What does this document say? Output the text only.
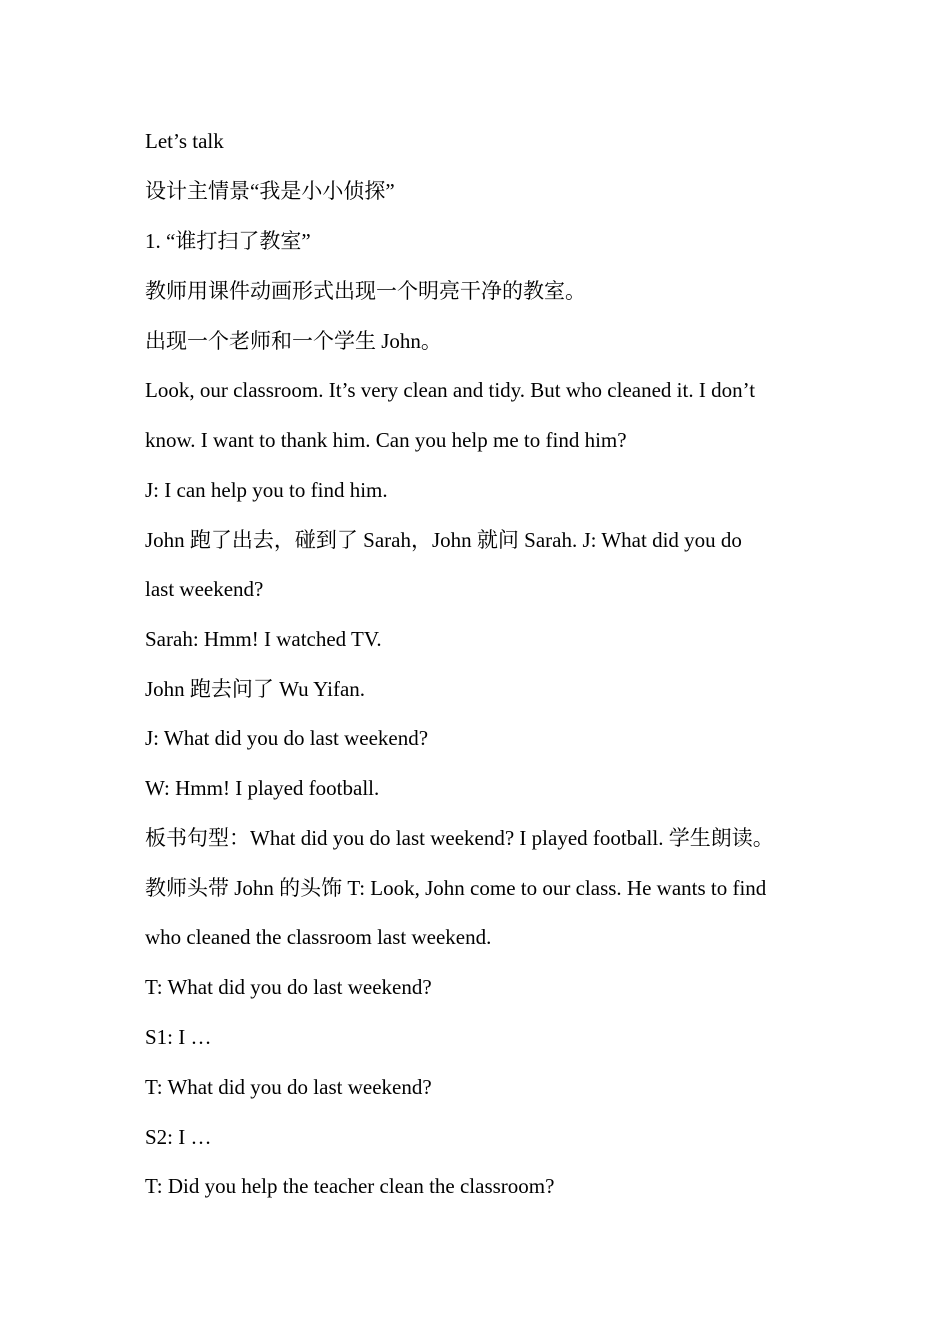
Let’s talk
设计主情景“我是小小侦探”
1. “谁打扫了教室”
教师用课件动画形式出现一个明亮干净的教室。
出现一个老师和一个学生 John。
Look, our classroom. It’s very clean and tidy. But who cleaned it. I don’t
know. I want to thank him. Can you help me to find him?
J: I can help you to find him.
John 跑了出去，碰到了 Sarah，John 就问 Sarah. J: What did you do
last weekend?
Sarah: Hmm! I watched TV.
John 跑去问了 Wu Yifan.
J: What did you do last weekend?
W: Hmm! I played football.
板书句型：What did you do last weekend? I played football. 学生朗读。
教师头带 John 的头饰 T: Look, John come to our class. He wants to find
who cleaned the classroom last weekend.
T: What did you do last weekend?
S1: I …
T: What did you do last weekend?
S2: I …
T: Did you help the teacher clean the classroom?
